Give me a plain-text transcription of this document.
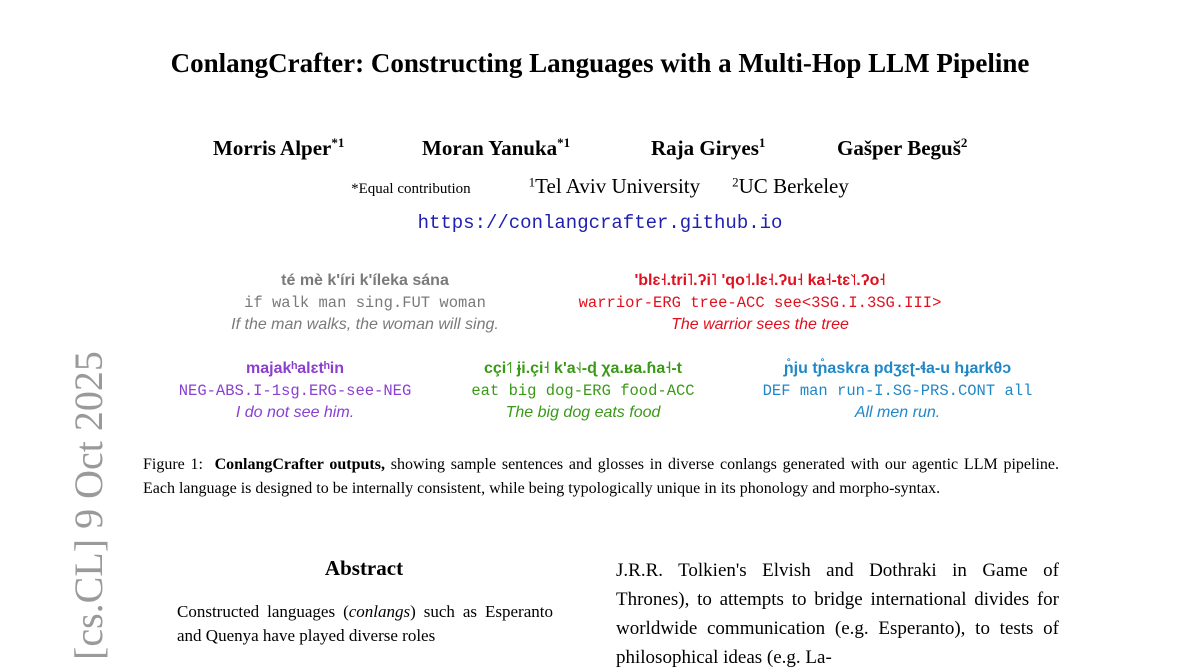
ConlangCrafter: Constructing Languages with a Multi-Hop LLM Pipeline
Morris Alper$^{*1}$	Moran Yanuka$^{*1}$	Raja Giryes$^1$	Gašper Beguš$^2$
*Equal contribution	$^1$Tel Aviv University $^2$UC Berkeley
https://conlangcrafter.github.io
té mè k'íri k'íleka sána
if walk man sing.FUT woman
If the man walks, the woman will sing.
'blɛ˧.tri˥.ʔi˥ 'qo˦.lɛ˧.ʔu˧ ka˧-tɛ˥˦.ʔo˧
warrior-ERG tree-ACC see<3SG.I.3SG.III>
The warrior sees the tree
majakʰalɛtʰin
NEG-ABS.I-1sg.ERG-see-NEG
I do not see him.
cçi˦˥ ɉi.çi˧ k'a˧˨-ɖ χa.ʁa.ɦa˧-t
eat big dog-ERG food-ACC
The big dog eats food
ɲ̊ju tɲ̊askɾa pdʒɛʈ-ɬa-u hɟarkθɔ
DEF man run-I.SG-PRS.CONT all
All men run.
Figure 1: ConlangCrafter outputs, showing sample sentences and glosses in diverse conlangs generated with our agentic LLM pipeline. Each language is designed to be internally consistent, while being typologically unique in its phonology and morpho-syntax.
Abstract
Constructed languages (conlangs) such as Esperanto and Quenya have played diverse roles
J.R.R. Tolkien's Elvish and Dothraki in Game of Thrones), to attempts to bridge international divides for worldwide communication (e.g. Esperanto), to tests of philosophical ideas (e.g. La-
[cs.CL] 9 Oct 2025
